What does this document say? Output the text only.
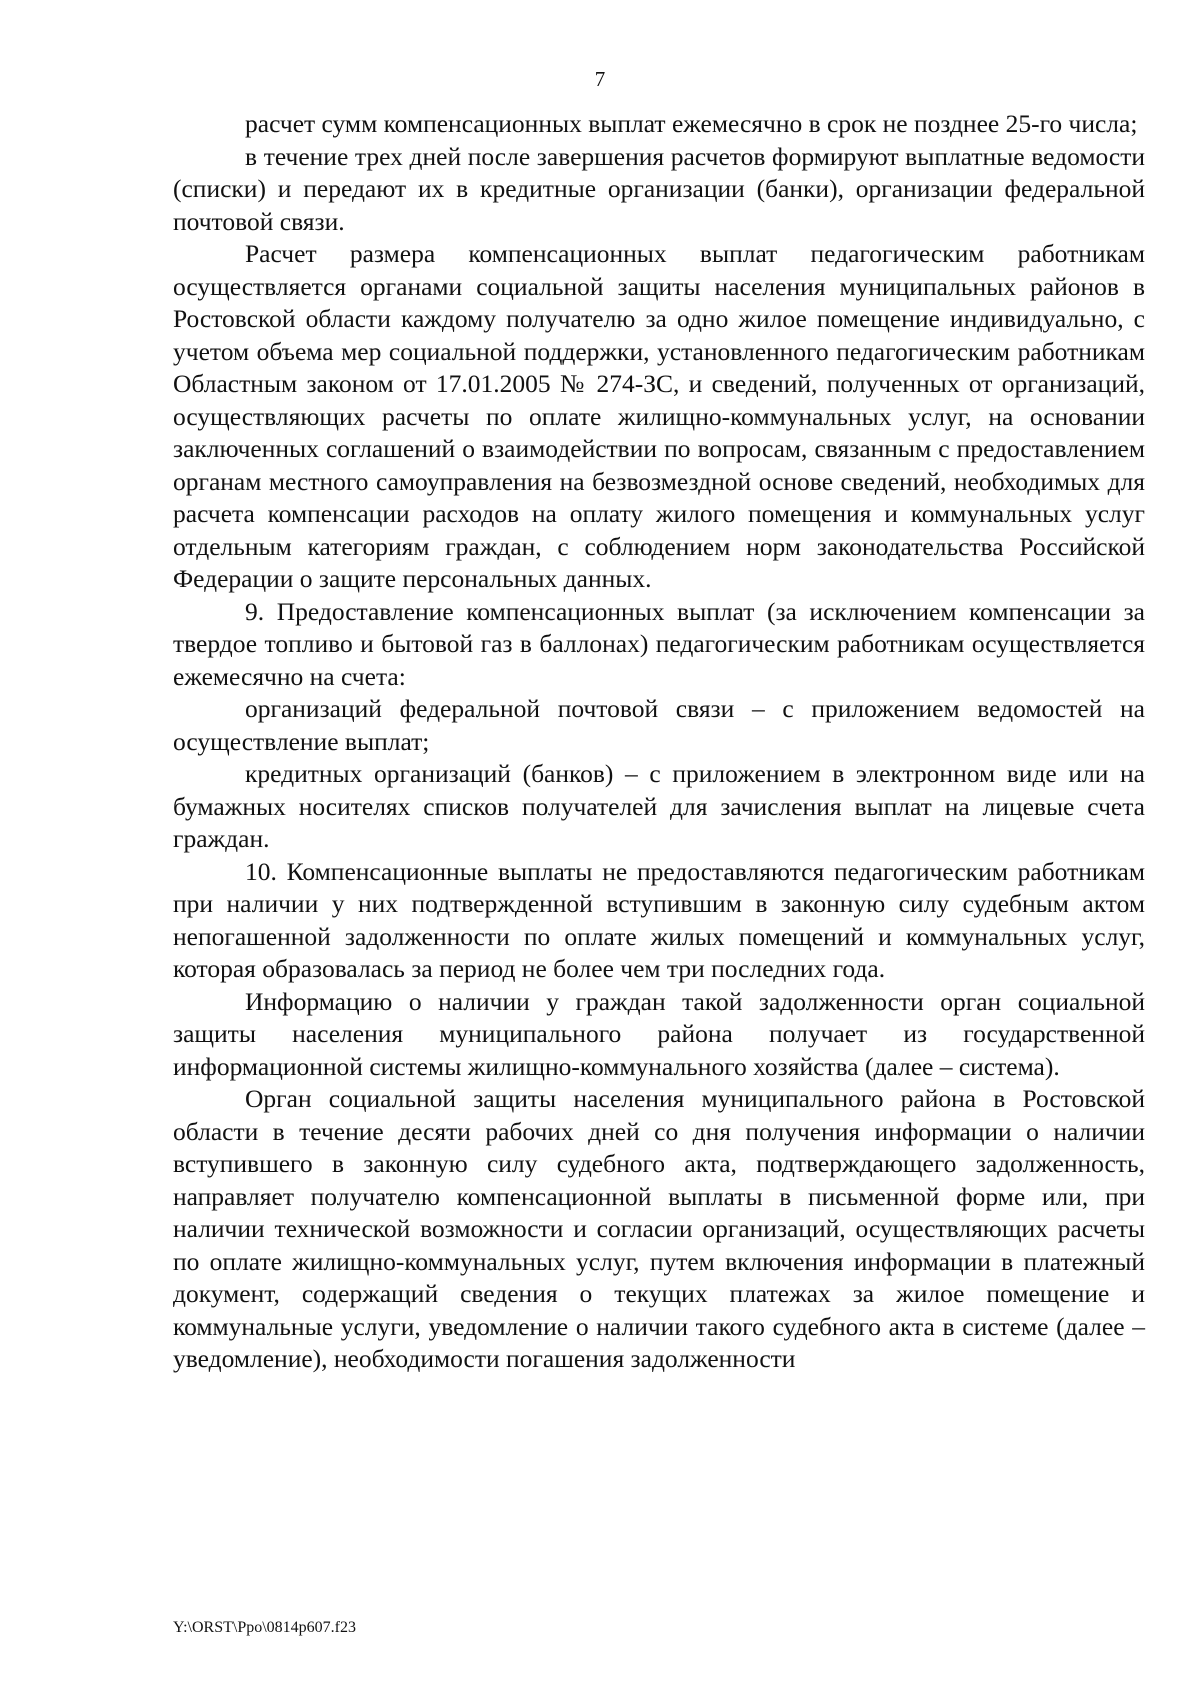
7

расчет сумм компенсационных выплат ежемесячно в срок не позднее 25-го числа;

в течение трех дней после завершения расчетов формируют выплатные ведомости (списки) и передают их в кредитные организации (банки), организации федеральной почтовой связи.

Расчет размера компенсационных выплат педагогическим работникам осуществляется органами социальной защиты населения муниципальных районов в Ростовской области каждому получателю за одно жилое помещение индивидуально, с учетом объема мер социальной поддержки, установленного педагогическим работникам Областным законом от 17.01.2005 № 274-ЗС, и сведений, полученных от организаций, осуществляющих расчеты по оплате жилищно-коммунальных услуг, на основании заключенных соглашений о взаимодействии по вопросам, связанным с предоставлением органам местного самоуправления на безвозмездной основе сведений, необходимых для расчета компенсации расходов на оплату жилого помещения и коммунальных услуг отдельным категориям граждан, с соблюдением норм законодательства Российской Федерации о защите персональных данных.

9. Предоставление компенсационных выплат (за исключением компенсации за твердое топливо и бытовой газ в баллонах) педагогическим работникам осуществляется ежемесячно на счета:

организаций федеральной почтовой связи – с приложением ведомостей на осуществление выплат;

кредитных организаций (банков) – с приложением в электронном виде или на бумажных носителях списков получателей для зачисления выплат на лицевые счета граждан.

10. Компенсационные выплаты не предоставляются педагогическим работникам при наличии у них подтвержденной вступившим в законную силу судебным актом непогашенной задолженности по оплате жилых помещений и коммунальных услуг, которая образовалась за период не более чем три последних года.

Информацию о наличии у граждан такой задолженности орган социальной защиты населения муниципального района получает из государственной информационной системы жилищно-коммунального хозяйства (далее – система).

Орган социальной защиты населения муниципального района в Ростовской области в течение десяти рабочих дней со дня получения информации о наличии вступившего в законную силу судебного акта, подтверждающего задолженность, направляет получателю компенсационной выплаты в письменной форме или, при наличии технической возможности и согласии организаций, осуществляющих расчеты по оплате жилищно-коммунальных услуг, путем включения информации в платежный документ, содержащий сведения о текущих платежах за жилое помещение и коммунальные услуги, уведомление о наличии такого судебного акта в системе (далее – уведомление), необходимости погашения задолженности

Y:\ORST\Ppo\0814p607.f23
